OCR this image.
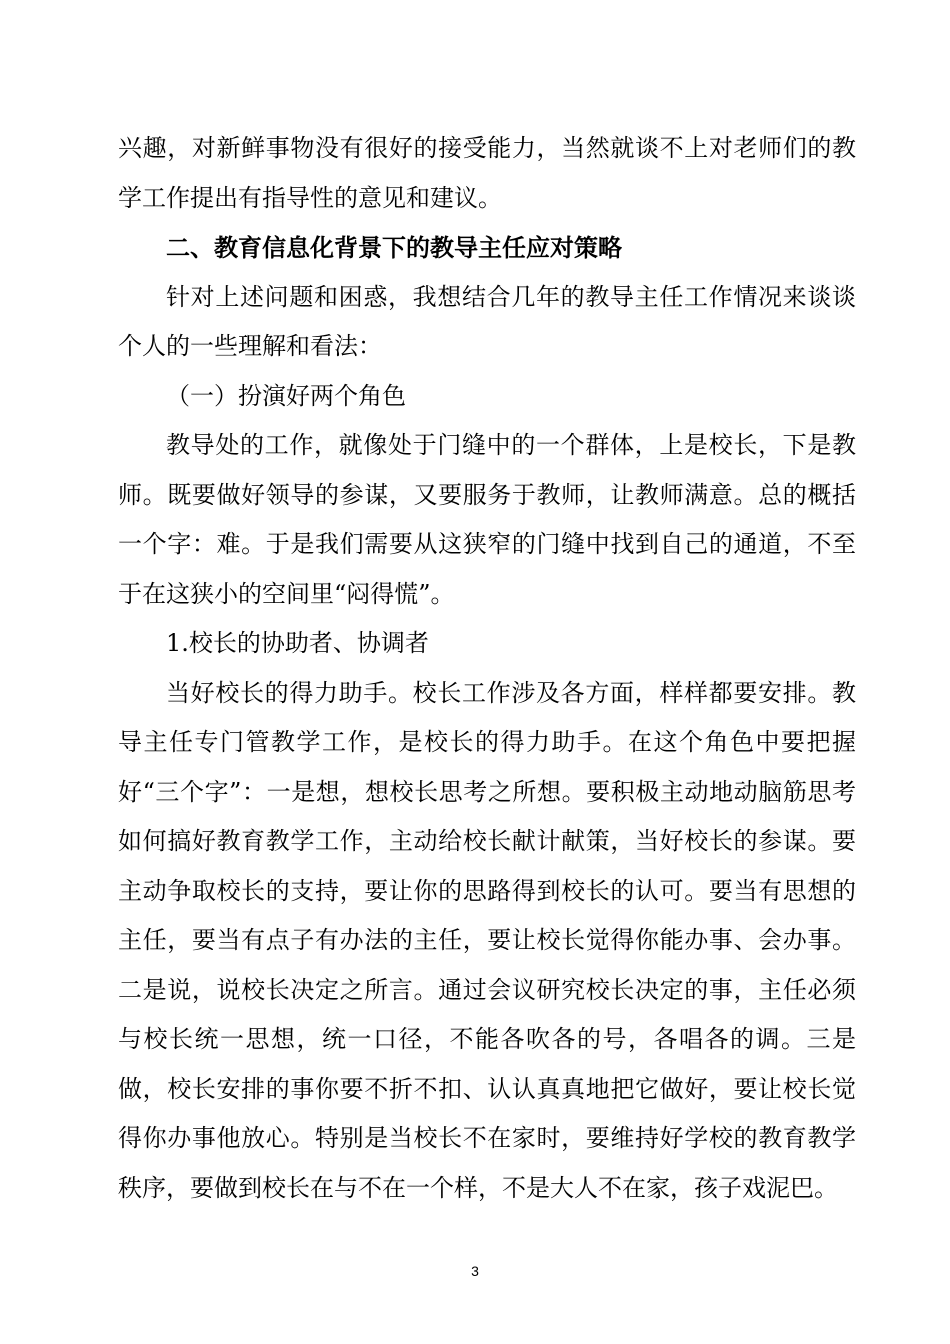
兴趣，对新鲜事物没有很好的接受能力，当然就谈不上对老师们的教学工作提出有指导性的意见和建议。

二、教育信息化背景下的教导主任应对策略

针对上述问题和困惑，我想结合几年的教导主任工作情况来谈谈个人的一些理解和看法：

（一）扮演好两个角色

教导处的工作，就像处于门缝中的一个群体，上是校长，下是教师。既要做好领导的参谋，又要服务于教师，让教师满意。总的概括一个字：难。于是我们需要从这狭窄的门缝中找到自己的通道，不至于在这狭小的空间里“闷得慌”。

1.校长的协助者、协调者

当好校长的得力助手。校长工作涉及各方面，样样都要安排。教导主任专门管教学工作，是校长的得力助手。在这个角色中要把握好“三个字”：一是想，想校长思考之所想。要积极主动地动脑筋思考如何搞好教育教学工作，主动给校长献计献策，当好校长的参谋。要主动争取校长的支持，要让你的思路得到校长的认可。要当有思想的主任，要当有点子有办法的主任，要让校长觉得你能办事、会办事。二是说，说校长决定之所言。通过会议研究校长决定的事，主任必须与校长统一思想，统一口径，不能各吹各的号，各唱各的调。三是做，校长安排的事你要不折不扣、认认真真地把它做好，要让校长觉得你办事他放心。特别是当校长不在家时，要维持好学校的教育教学秩序，要做到校长在与不在一个样，不是大人不在家，孩子戏泥巴。

3
